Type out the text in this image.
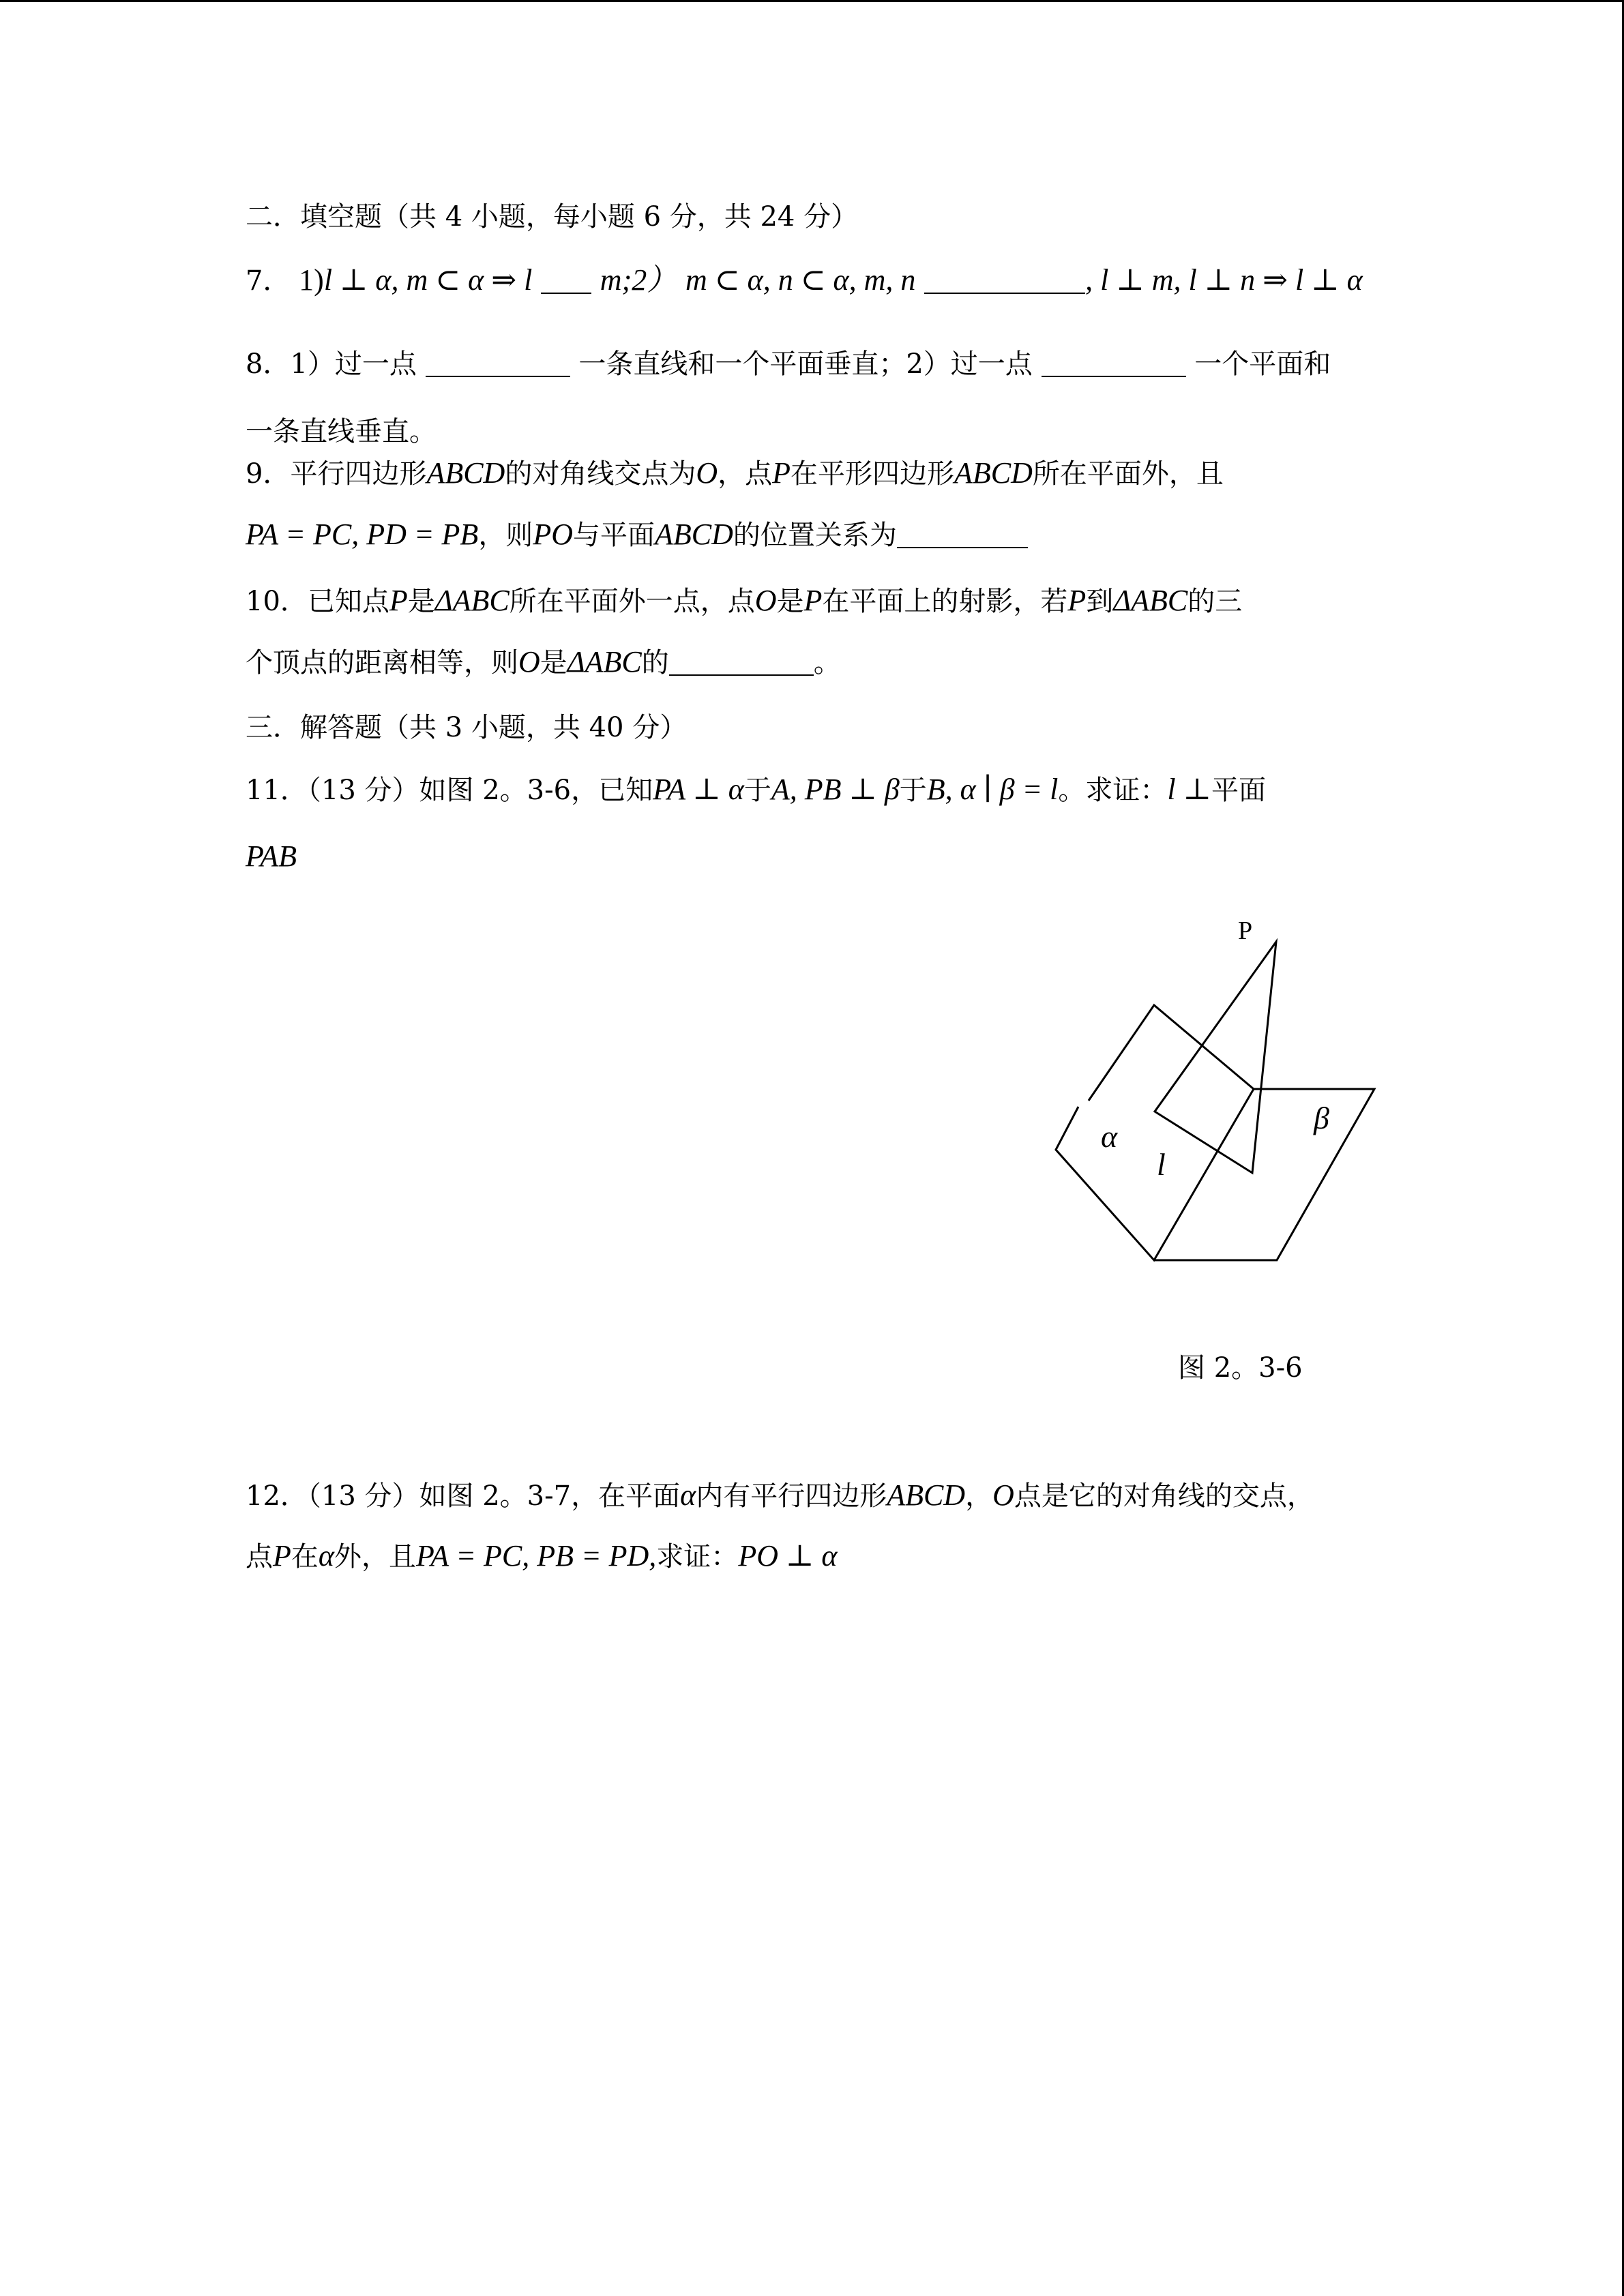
二．填空题（共 4 小题，每小题 6 分，共 24 分）
7． 1)l ⊥ α, m ⊂ α ⇒ l m;2） m ⊂ α, n ⊂ α, m, n	, l ⊥ m, l ⊥ n ⇒ l ⊥ α
8．1）过一点	一条直线和一个平面垂直；2）过一点	一个平面和
一条直线垂直。
9．平行四边形ABCD的对角线交点为O，点P在平形四边形ABCD所在平面外，且
PA = PC, PD = PB，则PO与平面ABCD的位置关系为
10．已知点P是ΔABC所在平面外一点，点O是P在平面上的射影，若P到ΔABC的三
个顶点的距离相等，则O是ΔABC的	。
三．解答题（共 3 小题，共 40 分）
11．（13 分）如图 2。3-6，已知PA ⊥ α于A, PB ⊥ β于B, α ∣ β = l。求证：l ⊥平面
PAB
P
α
l
β
图 2。3-6
12．（13 分）如图 2。3-7，在平面α内有平行四边形ABCD，O点是它的对角线的交点，
点P在α外，且PA = PC, PB = PD,求证：PO ⊥ α
